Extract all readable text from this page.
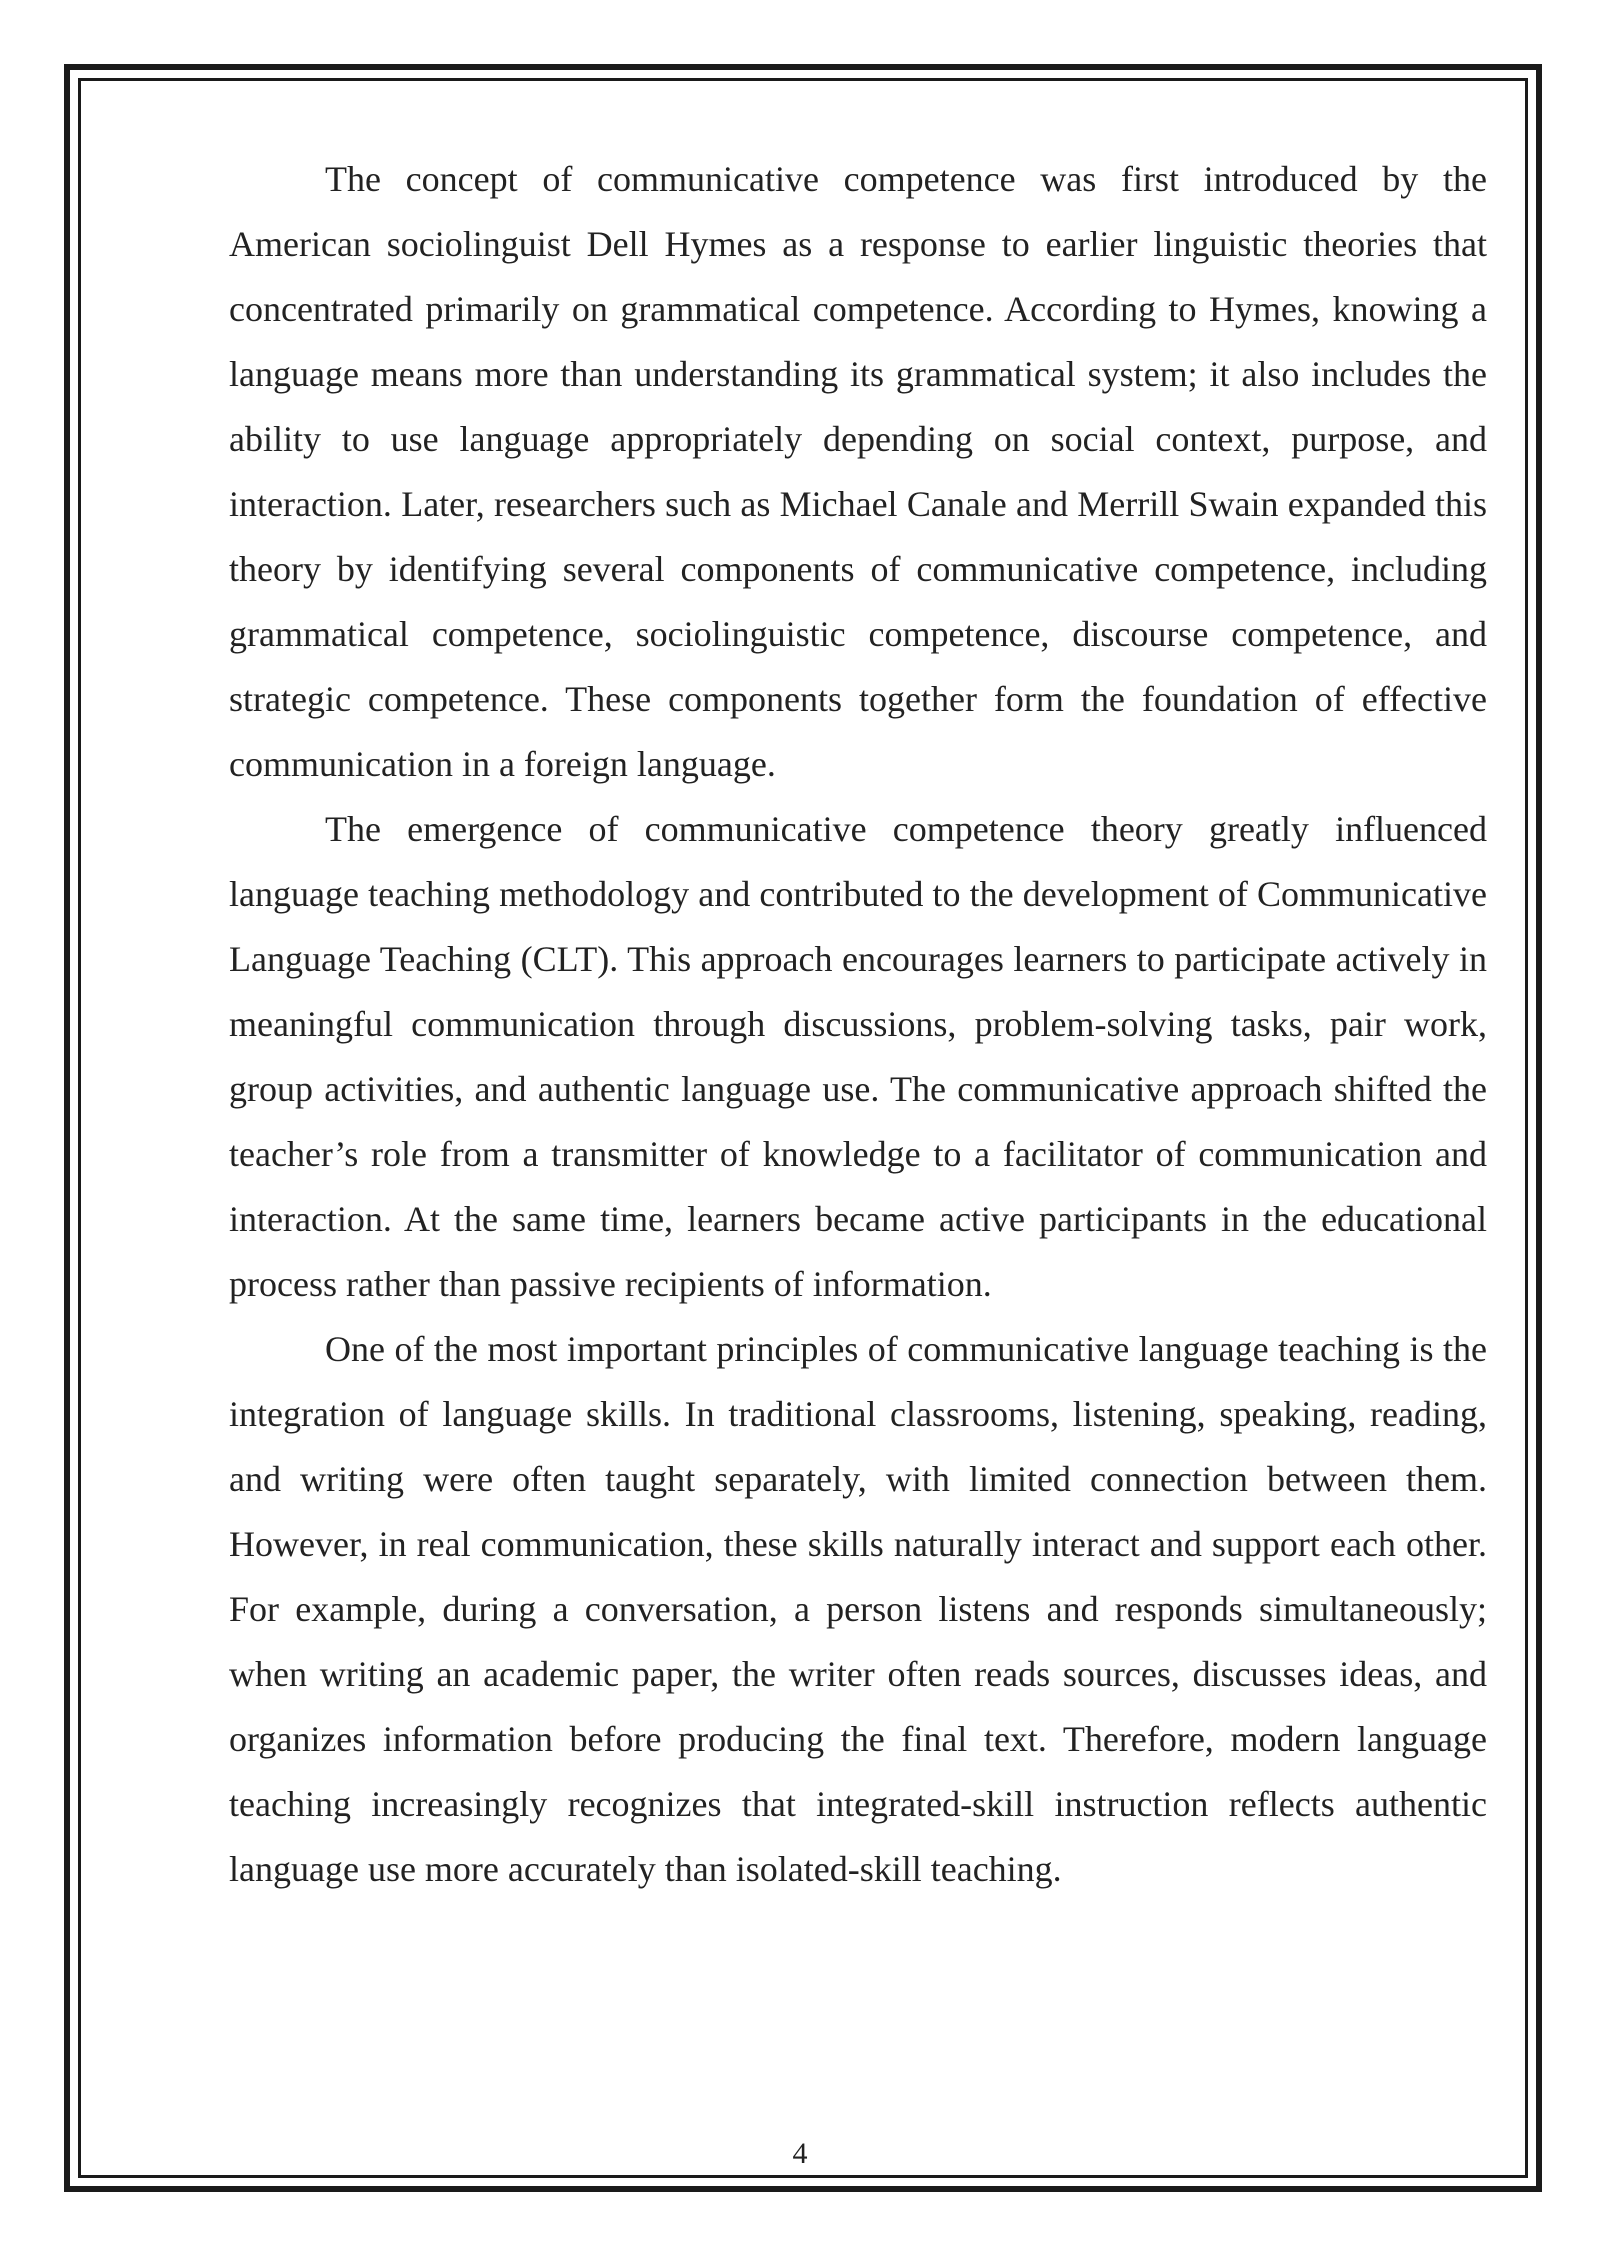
The concept of communicative competence was first introduced by the American sociolinguist Dell Hymes as a response to earlier linguistic theories that concentrated primarily on grammatical competence. According to Hymes, knowing a language means more than understanding its grammatical system; it also includes the ability to use language appropriately depending on social context, purpose, and interaction. Later, researchers such as Michael Canale and Merrill Swain expanded this theory by identifying several components of communicative competence, including grammatical competence, sociolinguistic competence, discourse competence, and strategic competence. These components together form the foundation of effective communication in a foreign language.

The emergence of communicative competence theory greatly influenced language teaching methodology and contributed to the development of Communicative Language Teaching (CLT). This approach encourages learners to participate actively in meaningful communication through discussions, problem-solving tasks, pair work, group activities, and authentic language use. The communicative approach shifted the teacher’s role from a transmitter of knowledge to a facilitator of communication and interaction. At the same time, learners became active participants in the educational process rather than passive recipients of information.

One of the most important principles of communicative language teaching is the integration of language skills. In traditional classrooms, listening, speaking, reading, and writing were often taught separately, with limited connection between them. However, in real communication, these skills naturally interact and support each other. For example, during a conversation, a person listens and responds simultaneously; when writing an academic paper, the writer often reads sources, discusses ideas, and organizes information before producing the final text. Therefore, modern language teaching increasingly recognizes that integrated-skill instruction reflects authentic language use more accurately than isolated-skill teaching.

4
